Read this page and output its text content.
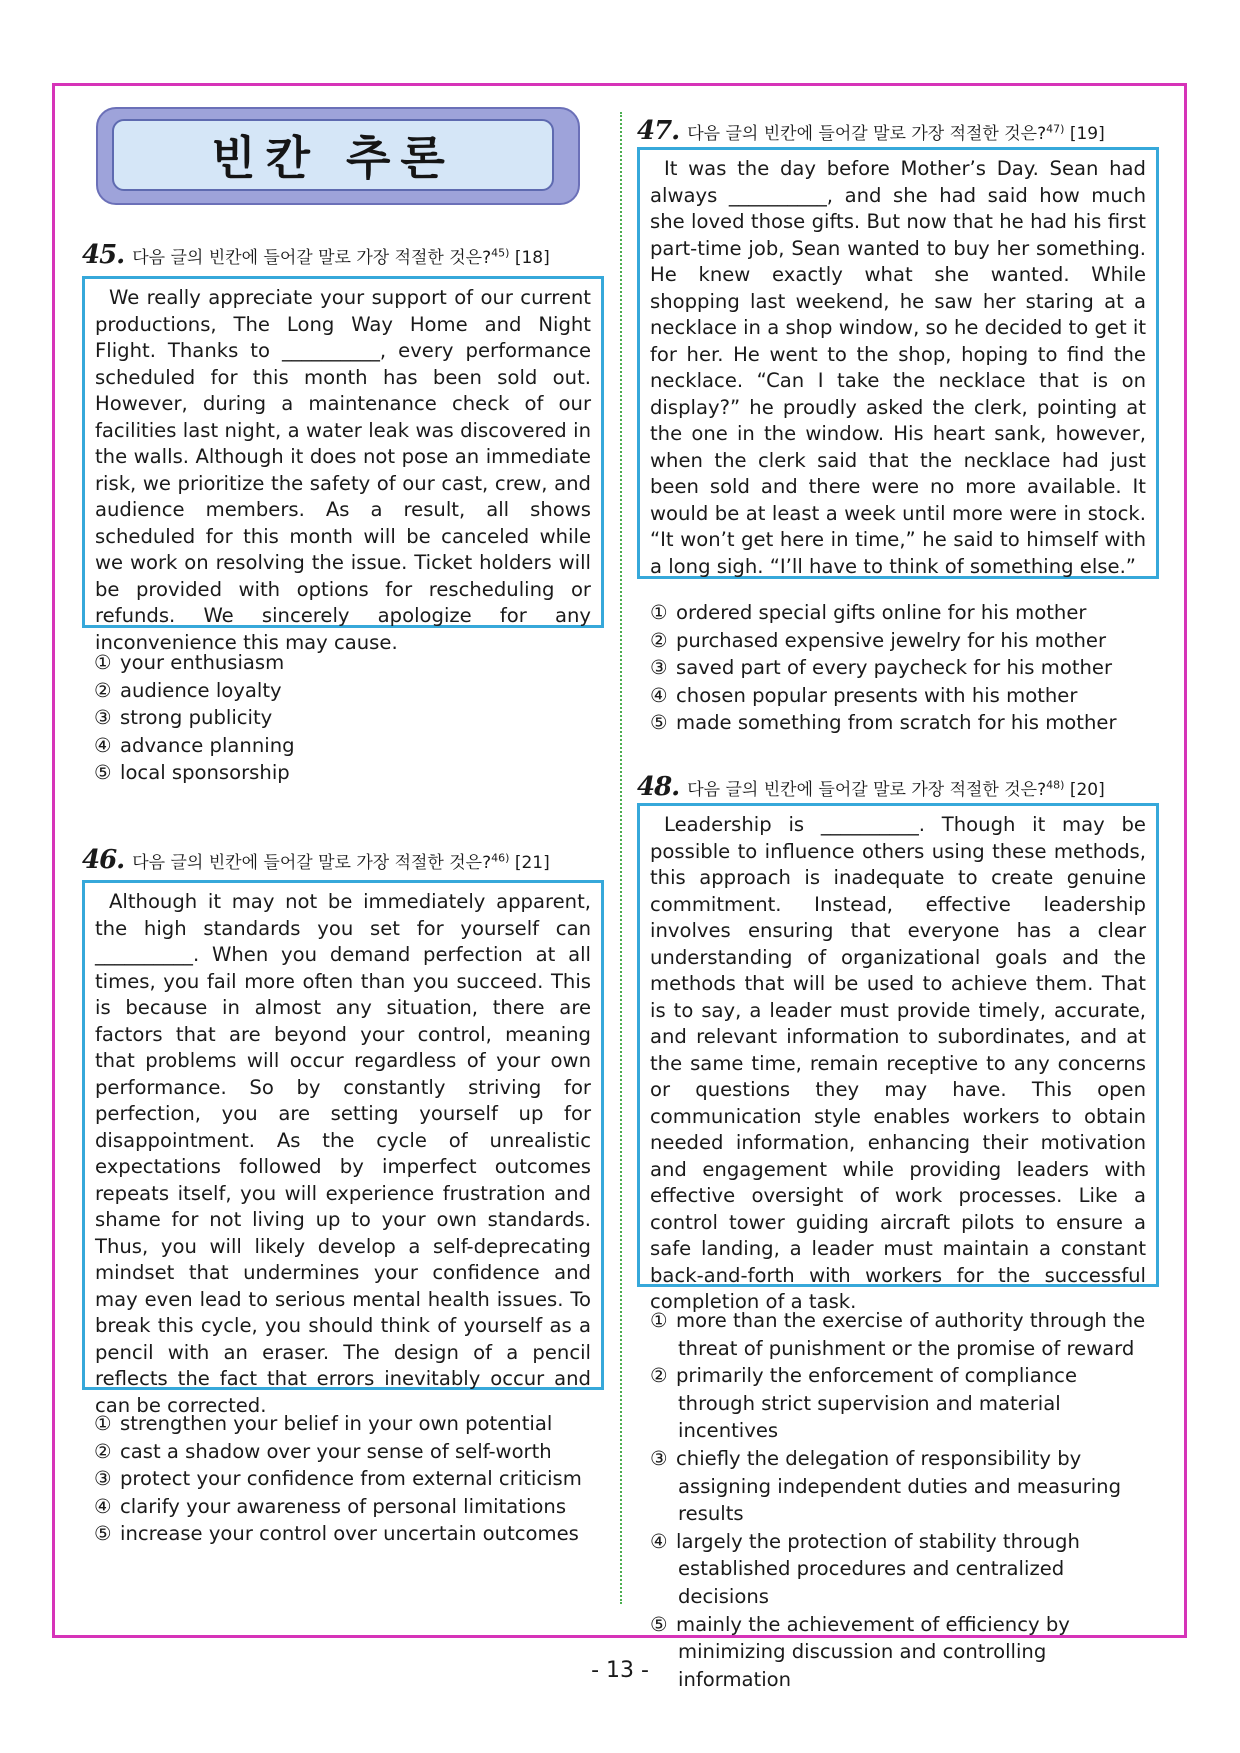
빈칸 추론
45. 다음 글의 빈칸에 들어갈 말로 가장 적절한 것은?$^{45)}$ [18]

We really appreciate your support of our current productions, The Long Way Home and Night Flight. Thanks to __________, every performance scheduled for this month has been sold out. However, during a maintenance check of our facilities last night, a water leak was discovered in the walls. Although it does not pose an immediate risk, we prioritize the safety of our cast, crew, and audience members. As a result, all shows scheduled for this month will be canceled while we work on resolving the issue. Ticket holders will be provided with options for rescheduling or refunds. We sincerely apologize for any inconvenience this may cause.

① your enthusiasm
② audience loyalty
③ strong publicity
④ advance planning
⑤ local sponsorship
46. 다음 글의 빈칸에 들어갈 말로 가장 적절한 것은?$^{46)}$ [21]

Although it may not be immediately apparent, the high standards you set for yourself can __________. When you demand perfection at all times, you fail more often than you succeed. This is because in almost any situation, there are factors that are beyond your control, meaning that problems will occur regardless of your own performance. So by constantly striving for perfection, you are setting yourself up for disappointment. As the cycle of unrealistic expectations followed by imperfect outcomes repeats itself, you will experience frustration and shame for not living up to your own standards. Thus, you will likely develop a self-deprecating mindset that undermines your confidence and may even lead to serious mental health issues. To break this cycle, you should think of yourself as a pencil with an eraser. The design of a pencil reflects the fact that errors inevitably occur and can be corrected.

① strengthen your belief in your own potential
② cast a shadow over your sense of self-worth
③ protect your confidence from external criticism
④ clarify your awareness of personal limitations
⑤ increase your control over uncertain outcomes
47. 다음 글의 빈칸에 들어갈 말로 가장 적절한 것은?$^{47)}$ [19]

It was the day before Mother’s Day. Sean had always __________, and she had said how much she loved those gifts. But now that he had his first part-time job, Sean wanted to buy her something. He knew exactly what she wanted. While shopping last weekend, he saw her staring at a necklace in a shop window, so he decided to get it for her. He went to the shop, hoping to find the necklace. “Can I take the necklace that is on display?” he proudly asked the clerk, pointing at the one in the window. His heart sank, however, when the clerk said that the necklace had just been sold and there were no more available. It would be at least a week until more were in stock. “It won’t get here in time,” he said to himself with a long sigh. “I’ll have to think of something else.”

① ordered special gifts online for his mother
② purchased expensive jewelry for his mother
③ saved part of every paycheck for his mother
④ chosen popular presents with his mother
⑤ made something from scratch for his mother
48. 다음 글의 빈칸에 들어갈 말로 가장 적절한 것은?$^{48)}$ [20]

Leadership is __________. Though it may be possible to influence others using these methods, this approach is inadequate to create genuine commitment. Instead, effective leadership involves ensuring that everyone has a clear understanding of organizational goals and the methods that will be used to achieve them. That is to say, a leader must provide timely, accurate, and relevant information to subordinates, and at the same time, remain receptive to any concerns or questions they may have. This open communication style enables workers to obtain needed information, enhancing their motivation and engagement while providing leaders with effective oversight of work processes. Like a control tower guiding aircraft pilots to ensure a safe landing, a leader must maintain a constant back-and-forth with workers for the successful completion of a task.

① more than the exercise of authority through the threat of punishment or the promise of reward
② primarily the enforcement of compliance through strict supervision and material incentives
③ chiefly the delegation of responsibility by assigning independent duties and measuring results
④ largely the protection of stability through established procedures and centralized decisions
⑤ mainly the achievement of efficiency by minimizing discussion and controlling information
- 13 -
